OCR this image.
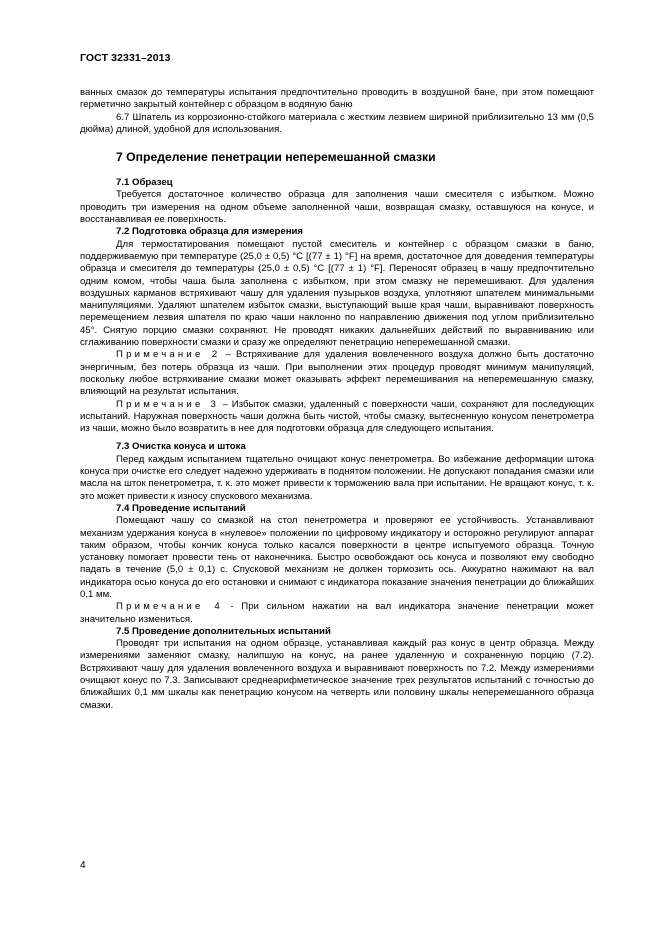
ГОСТ 32331–2013

ванных смазок до температуры испытания предпочтительно проводить в воздушной бане, при этом помещают герметично закрытый контейнер с образцом в водяную баню

6.7 Шпатель из коррозионно-стойкого материала с жестким лезвием шириной приблизительно 13 мм (0,5 дюйма) длиной, удобной для использования.

7 Определение пенетрации неперемешанной смазки
7.1 Образец

Требуется достаточное количество образца для заполнения чаши смесителя с избытком. Можно проводить три измерения на одном объеме заполненной чаши, возвращая смазку, оставшуюся на конусе, и восстанавливая ее поверхность.

7.2 Подготовка образца для измерения

Для термостатирования помещают пустой смеситель и контейнер с образцом смазки в баню, поддерживаемую при температуре (25,0 ± 0,5) °С [(77 ± 1) °F] на время, достаточное для доведения температуры образца и смесителя до температуры (25,0 ± 0,5) °С [(77 ± 1) °F]. Переносят образец в чашу предпочтительно одним комом, чтобы чаша была заполнена с избытком, при этом смазку не перемешивают. Для удаления воздушных карманов встряхивают чашу для удаления пузырьков воздуха, уплотняют шпателем минимальными манипуляциями. Удаляют шпателем избыток смазки, выступающий выше края чаши, выравнивают поверхность перемещением лезвия шпателя по краю чаши наклонно по направлению движения под углом приблизительно 45°. Снятую порцию смазки сохраняют. Не проводят никаких дальнейших действий по выравниванию или сглаживанию поверхности смазки и сразу же определяют пенетрацию неперемешанной смазки.

Примечание 2 – Встряхивание для удаления вовлеченного воздуха должно быть достаточно энергичным, без потерь образца из чаши. При выполнении этих процедур проводят минимум манипуляций, поскольку любое встряхивание смазки может оказывать эффект перемешивания на неперемешанную смазку, влияющий на результат испытания.

Примечание 3 – Избыток смазки, удаленный с поверхности чаши, сохраняют для последующих испытаний. Наружная поверхность чаши должна быть чистой, чтобы смазку, вытесненную конусом пенетрометра из чаши, можно было возвратить в нее для подготовки образца для следующего испытания.

7.3 Очистка конуса и штока

Перед каждым испытанием тщательно очищают конус пенетрометра. Во избежание деформации штока конуса при очистке его следует надежно удерживать в поднятом положении. Не допускают попадания смазки или масла на шток пенетрометра, т. к. это может привести к торможению вала при испытании. Не вращают конус, т. к. это может привести к износу спускового механизма.

7.4 Проведение испытаний

Помещают чашу со смазкой на стол пенетрометра и проверяют ее устойчивость. Устанавливают механизм удержания конуса в «нулевое» положении по цифровому индикатору и осторожно регулируют аппарат таким образом, чтобы кончик конуса только касался поверхности в центре испытуемого образца. Точную установку помогает провести тень от наконечника. Быстро освобождают ось конуса и позволяют ему свободно падать в течение (5,0 ± 0,1) с. Спусковой механизм не должен тормозить ось. Аккуратно нажимают на вал индикатора осью конуса до его остановки и снимают с индикатора показание значения пенетрации до ближайших 0,1 мм.

Примечание 4 - При сильном нажатии на вал индикатора значение пенетрации может значительно измениться.

7.5 Проведение дополнительных испытаний

Проводят три испытания на одном образце, устанавливая каждый раз конус в центр образца. Между измерениями заменяют смазку, налипшую на конус, на ранее удаленную и сохраненную порцию (7.2). Встряхивают чашу для удаления вовлеченного воздуха и выравнивают поверхность по 7.2. Между измерениями очищают конус по 7.3. Записывают среднеарифметическое значение трех результатов испытаний с точностью до ближайших 0,1 мм шкалы как пенетрацию конусом на четверть или половину шкалы неперемешанного образца смазки.

4
